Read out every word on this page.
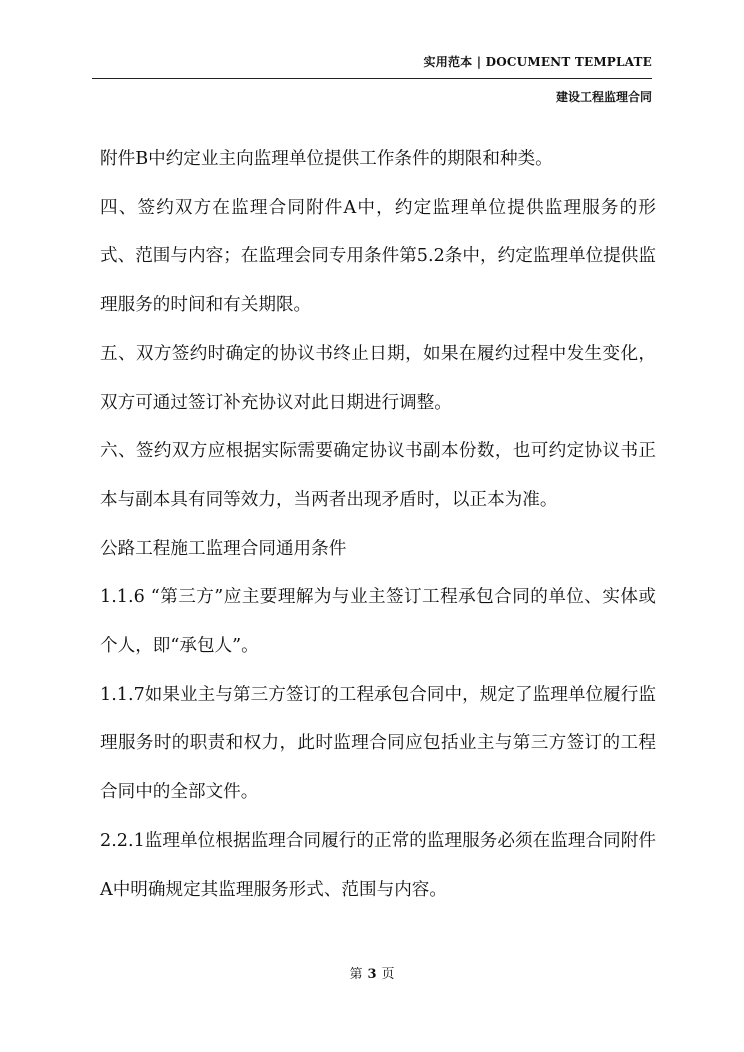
实用范本 | DOCUMENT TEMPLATE
建设工程监理合同

附件B中约定业主向监理单位提供工作条件的期限和种类。

四、签约双方在监理合同附件A中，约定监理单位提供监理服务的形式、范围与内容；在监理会同专用条件第5.2条中，约定监理单位提供监理服务的时间和有关期限。

五、双方签约时确定的协议书终止日期，如果在履约过程中发生变化，双方可通过签订补充协议对此日期进行调整。

六、签约双方应根据实际需要确定协议书副本份数，也可约定协议书正本与副本具有同等效力，当两者出现矛盾时，以正本为准。

公路工程施工监理合同通用条件

1.1.6 “第三方”应主要理解为与业主签订工程承包合同的单位、实体或个人，即“承包人”。

1.1.7如果业主与第三方签订的工程承包合同中，规定了监理单位履行监理服务时的职责和权力，此时监理合同应包括业主与第三方签订的工程合同中的全部文件。

2.2.1监理单位根据监理合同履行的正常的监理服务必须在监理合同附件A中明确规定其监理服务形式、范围与内容。

第 3 页
